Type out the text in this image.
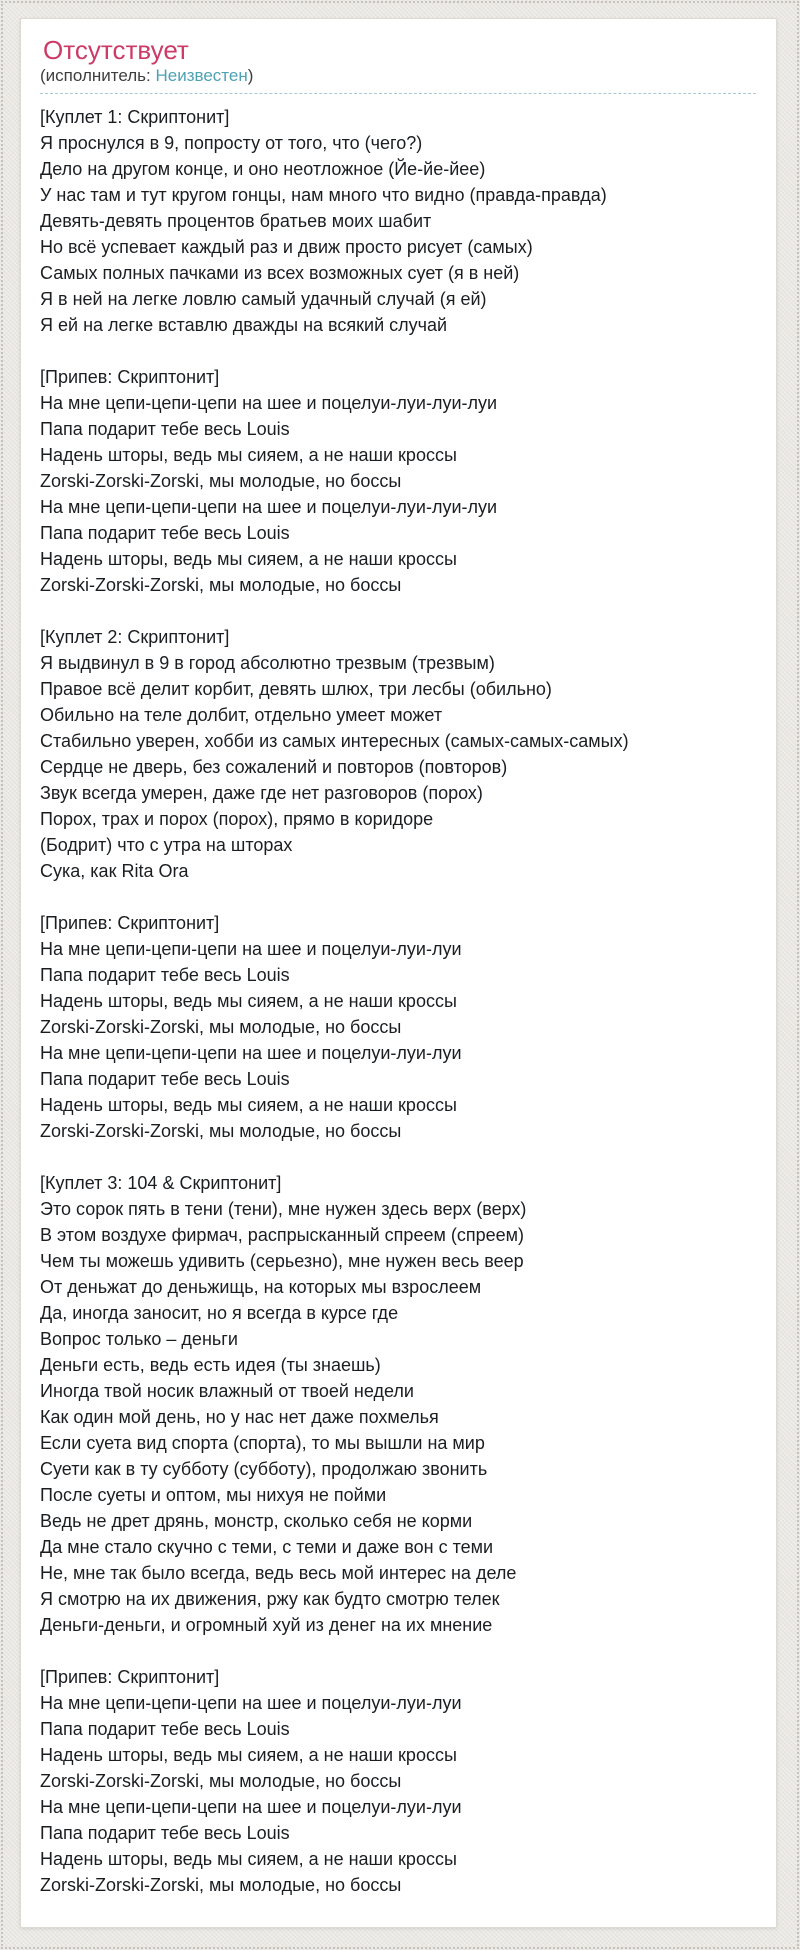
Отсутствует
(исполнитель: Неизвестен)
[Куплет 1: Скриптонит]
Я проснулся в 9, попросту от того, что (чего?)
Дело на другом конце, и оно неотложное (Йе-йе-йее)
У нас там и тут кругом гонцы, нам много что видно (правда-правда)
Девять-девять процентов братьев моих шабит
Но всё успевает каждый раз и движ просто рисует (самых)
Самых полных пачками из всех возможных сует (я в ней)
Я в ней на легке ловлю самый удачный случай (я ей)
Я ей на легке вставлю дважды на всякий случай
[Припев: Скриптонит]
На мне цепи-цепи-цепи на шее и поцелуи-луи-луи-луи
Папа подарит тебе весь Louis
Надень шторы, ведь мы сияем, а не наши кроссы
Zorski-Zorski-Zorski, мы молодые, но боссы
На мне цепи-цепи-цепи на шее и поцелуи-луи-луи-луи
Папа подарит тебе весь Louis
Надень шторы, ведь мы сияем, а не наши кроссы
Zorski-Zorski-Zorski, мы молодые, но боссы
[Куплет 2: Скриптонит]
Я выдвинул в 9 в город абсолютно трезвым (трезвым)
Правое всё делит корбит, девять шлюх, три лесбы (обильно)
Обильно на теле долбит, отдельно умеет может
Стабильно уверен, хобби из самых интересных (самых-самых-самых)
Сердце не дверь, без сожалений и повторов (повторов)
Звук всегда умерен, даже где нет разговоров (порох)
Порох, трах и порох (порох), прямо в коридоре
(Бодрит) что с утра на шторах
Сука, как Rita Ora
[Припев: Скриптонит]
На мне цепи-цепи-цепи на шее и поцелуи-луи-луи
Папа подарит тебе весь Louis
Надень шторы, ведь мы сияем, а не наши кроссы
Zorski-Zorski-Zorski, мы молодые, но боссы
На мне цепи-цепи-цепи на шее и поцелуи-луи-луи
Папа подарит тебе весь Louis
Надень шторы, ведь мы сияем, а не наши кроссы
Zorski-Zorski-Zorski, мы молодые, но боссы
[Куплет 3: 104 & Скриптонит]
Это сорок пять в тени (тени), мне нужен здесь верх (верх)
В этом воздухе фирмач, распрысканный спреем (спреем)
Чем ты можешь удивить (серьезно), мне нужен весь веер
От деньжат до деньжищь, на которых мы взрослеем
Да, иногда заносит, но я всегда в курсе где
Вопрос только – деньги
Деньги есть, ведь есть идея (ты знаешь)
Иногда твой носик влажный от твоей недели
Как один мой день, но у нас нет даже похмелья
Если суета вид спорта (спорта), то мы вышли на мир
Суети как в ту субботу (субботу), продолжаю звонить
После суеты и оптом, мы нихуя не пойми
Ведь не дрет дрянь, монстр, сколько себя не корми
Да мне стало скучно с теми, с теми и даже вон с теми
Не, мне так было всегда, ведь весь мой интерес на деле
Я смотрю на их движения, ржу как будто смотрю телек
Деньги-деньги, и огромный хуй из денег на их мнение
[Припев: Скриптонит]
На мне цепи-цепи-цепи на шее и поцелуи-луи-луи
Папа подарит тебе весь Louis
Надень шторы, ведь мы сияем, а не наши кроссы
Zorski-Zorski-Zorski, мы молодые, но боссы
На мне цепи-цепи-цепи на шее и поцелуи-луи-луи
Папа подарит тебе весь Louis
Надень шторы, ведь мы сияем, а не наши кроссы
Zorski-Zorski-Zorski, мы молодые, но боссы
